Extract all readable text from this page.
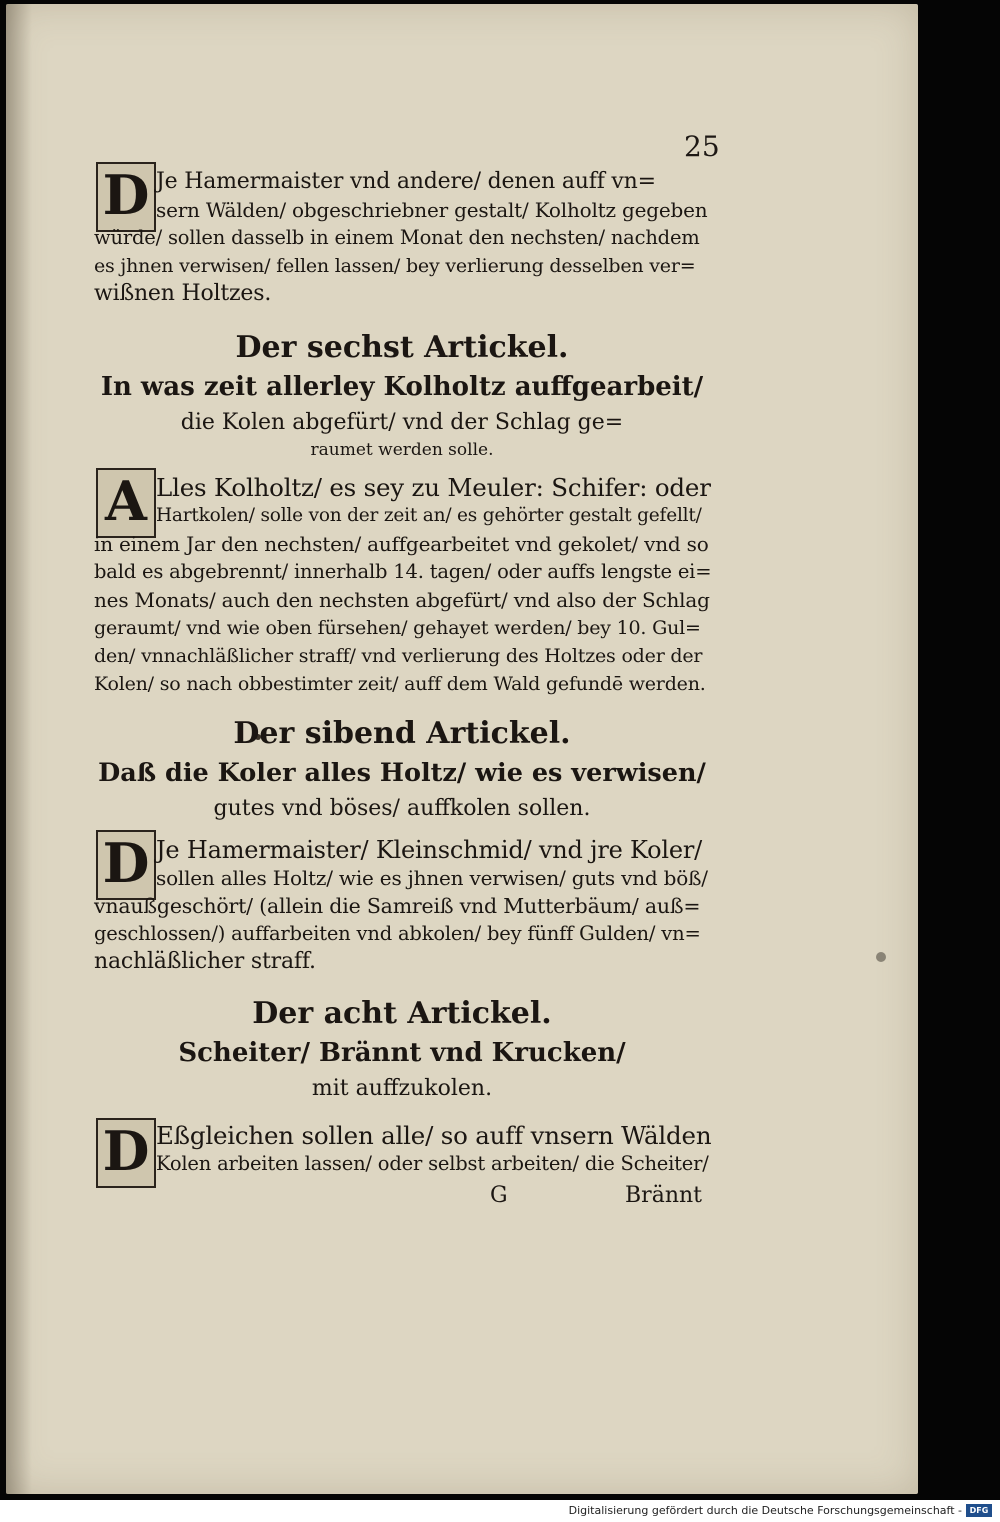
25
D Je Hamermaister vnd andere/ denen auff vn=
sern Wälden/ obgeschriebner gestalt/ Kolholtz gegeben
würde/ sollen dasselb in einem Monat den nechsten/ nachdem
es jhnen verwisen/ fellen lassen/ bey verlierung desselben ver=
wißnen Holtzes.
Der sechst Artickel.
In was zeit allerley Kolholtz auffgearbeit/
die Kolen abgefürt/ vnd der Schlag ge=
raumet werden solle.
A Lles Kolholtz/ es sey zu Meuler: Schifer: oder
Hartkolen/ solle von der zeit an/ es gehörter gestalt gefellt/
in einem Jar den nechsten/ auffgearbeitet vnd gekolet/ vnd so
bald es abgebrennt/ innerhalb 14. tagen/ oder auffs lengste ei=
nes Monats/ auch den nechsten abgefürt/ vnd also der Schlag
geraumt/ vnd wie oben fürsehen/ gehayet werden/ bey 10. Gul=
den/ vnnachläßlicher straff/ vnd verlierung des Holtzes oder der
Kolen/ so nach obbestimter zeit/ auff dem Wald gefundē werden.
Der sibend Artickel.
Daß die Koler alles Holtz/ wie es verwisen/
gutes vnd böses/ auffkolen sollen.
D Je Hamermaister/ Kleinschmid/ vnd jre Koler/
sollen alles Holtz/ wie es jhnen verwisen/ guts vnd böß/
vnaußgeschört/ (allein die Samreiß vnd Mutterbäum/ auß=
geschlossen/) auffarbeiten vnd abkolen/ bey fünff Gulden/ vn=
nachläßlicher straff.
Der acht Artickel.
Scheiter/ Brännt vnd Krucken/
mit auffzukolen.
D Eßgleichen sollen alle/ so auff vnsern Wälden
Kolen arbeiten lassen/ oder selbst arbeiten/ die Scheiter/
G	Brännt
Digitalisierung gefördert durch die Deutsche Forschungsgemeinschaft - DFG
